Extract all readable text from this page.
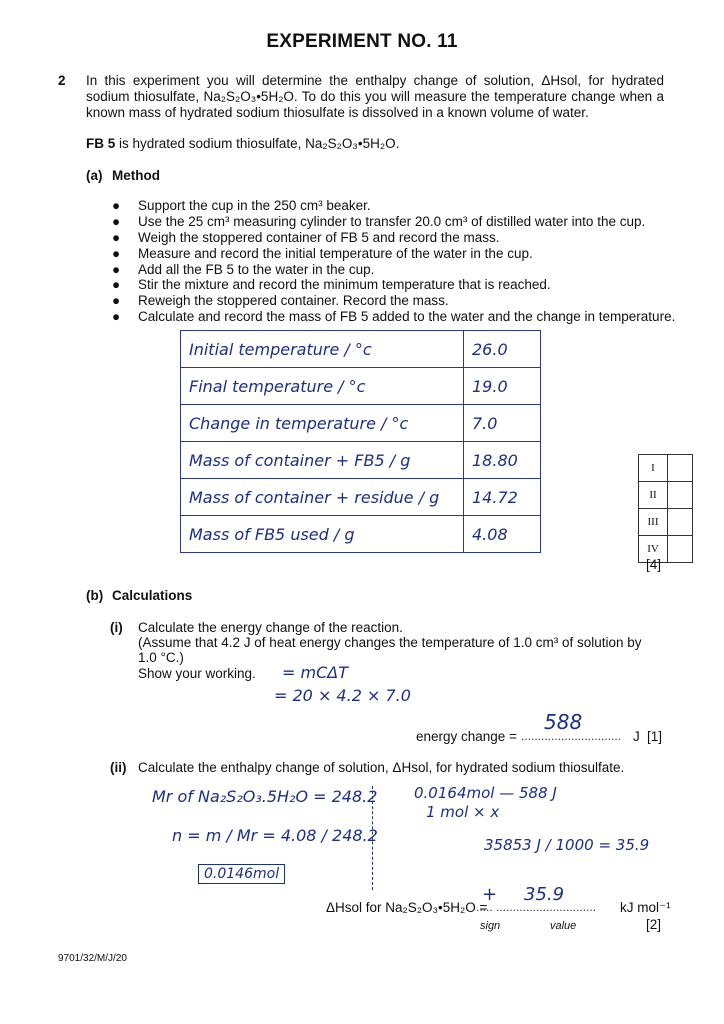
EXPERIMENT NO. 11
2 In this experiment you will determine the enthalpy change of solution, ΔHsol, for hydrated sodium thiosulfate, Na₂S₂O₃•5H₂O. To do this you will measure the temperature change when a known mass of hydrated sodium thiosulfate is dissolved in a known volume of water.
FB 5 is hydrated sodium thiosulfate, Na₂S₂O₃•5H₂O.
(a) Method
● Support the cup in the 250 cm³ beaker.
● Use the 25 cm³ measuring cylinder to transfer 20.0 cm³ of distilled water into the cup.
● Weigh the stoppered container of FB 5 and record the mass.
● Measure and record the initial temperature of the water in the cup.
● Add all the FB 5 to the water in the cup.
● Stir the mixture and record the minimum temperature that is reached.
● Reweigh the stoppered container. Record the mass.
● Calculate and record the mass of FB 5 added to the water and the change in temperature.
Initial temperature / °c	26.0
Final temperature / °c	19.0
Change in temperature / °c	7.0
Mass of container + FB5 / g	18.80
Mass of container + residue / g	14.72
Mass of FB5 used / g	4.08
I	
II	
III	
IV	
[4]
(b) Calculations
(i) Calculate the energy change of the reaction.
(Assume that 4.2 J of heat energy changes the temperature of 1.0 cm³ of solution by
1.0 °C.)
Show your working. = mCΔT
= 20 × 4.2 × 7.0
energy change = ..............................
588
J [1]
(ii) Calculate the enthalpy change of solution, ΔHsol, for hydrated sodium thiosulfate.
Mr of Na₂S₂O₃.5H₂O = 248.2
n = m / Mr = 4.08 / 248.2
0.0146mol
0.0164mol — 588 J
1 mol × x
35853 J / 1000 = 35.9
ΔHsol for Na₂S₂O₃•5H₂O =
..... ..............................
+ 35.9
kJ mol⁻¹
sign	value	[2]
9701/32/M/J/20
